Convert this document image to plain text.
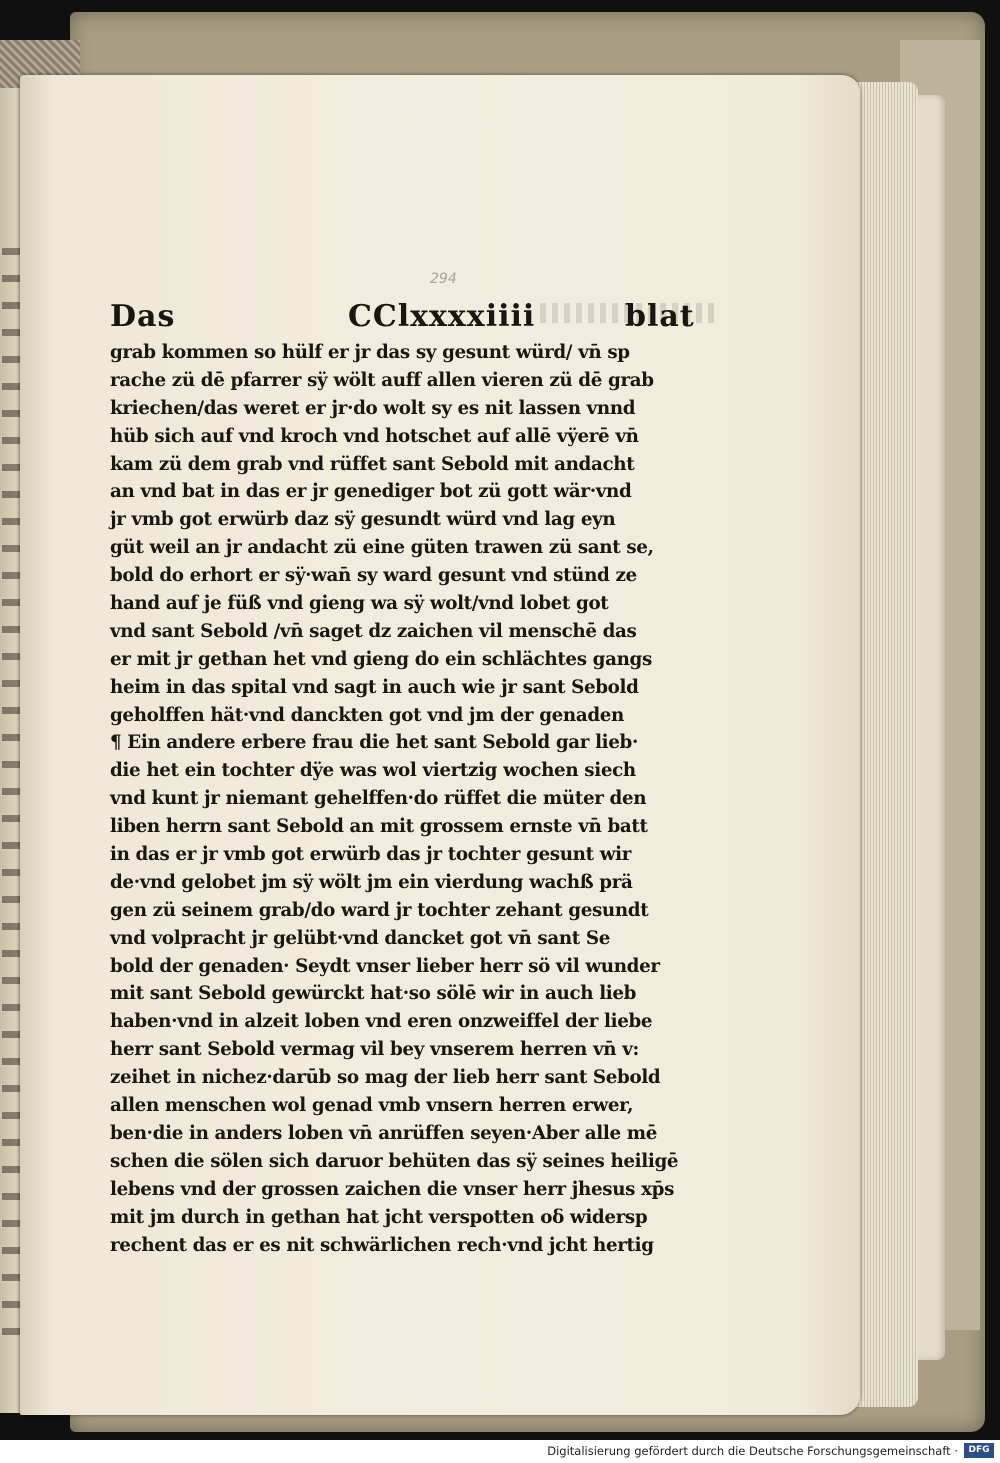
294
Das	CClxxxxiiii	blat
grab kommen so hülf er jr das sy gesunt würd/ vn̄ sp
rache zü dē pfarrer sÿ wölt auff allen vieren zü dē grab
kriechen/das weret er jr·do wolt sy es nit lassen vnnd
hüb sich auf vnd kroch vnd hotschet auf allē vÿerē vn̄
kam zü dem grab vnd rüffet sant Sebold mit andacht
an vnd bat in das er jr genediger bot zü gott wär·vnd
jr vmb got erwürb daz sÿ gesundt würd vnd lag eyn
güt weil an jr andacht zü eine güten trawen zü sant se,
bold do erhort er sÿ·wan̄ sy ward gesunt vnd stünd ze
hand auf je füß vnd gieng wa sÿ wolt/vnd lobet got
vnd sant Sebold /vn̄ saget dz zaichen vil menschē das
er mit jr gethan het vnd gieng do ein schlächtes gangs
heim in das spital vnd sagt in auch wie jr sant Sebold
geholffen hät·vnd danckten got vnd jm der genaden
¶ Ein andere erbere frau die het sant Sebold gar lieb·
die het ein tochter dÿe was wol viertzig wochen siech
vnd kunt jr niemant gehelffen·do rüffet die müter den
liben herrn sant Sebold an mit grossem ernste vn̄ batt
in das er jr vmb got erwürb das jr tochter gesunt wir
de·vnd gelobet jm sÿ wölt jm ein vierdung wachß prä
gen zü seinem grab/do ward jr tochter zehant gesundt
vnd volpracht jr gelübt·vnd dancket got vn̄ sant Se
bold der genaden· Seydt vnser lieber herr sö vil wunder
mit sant Sebold gewürckt hat·so sölē wir in auch lieb
haben·vnd in alzeit loben vnd eren onzweiffel der liebe
herr sant Sebold vermag vil bey vnserem herren vn̄ v:
zeihet in nichez·darūb so mag der lieb herr sant Sebold
allen menschen wol genad vmb vnsern herren erwer,
ben·die in anders loben vn̄ anrüffen seyen·Aber alle mē
schen die sölen sich daruor behüten das sÿ seines heiligē
lebens vnd der grossen zaichen die vnser herr jhesus xp̄s
mit jm durch in gethan hat jcht verspotten oδ widersp
rechent das er es nit schwärlichen rech·vnd jcht hertig
Digitalisierung gefördert durch die Deutsche Forschungsgemeinschaft ·	DFG
